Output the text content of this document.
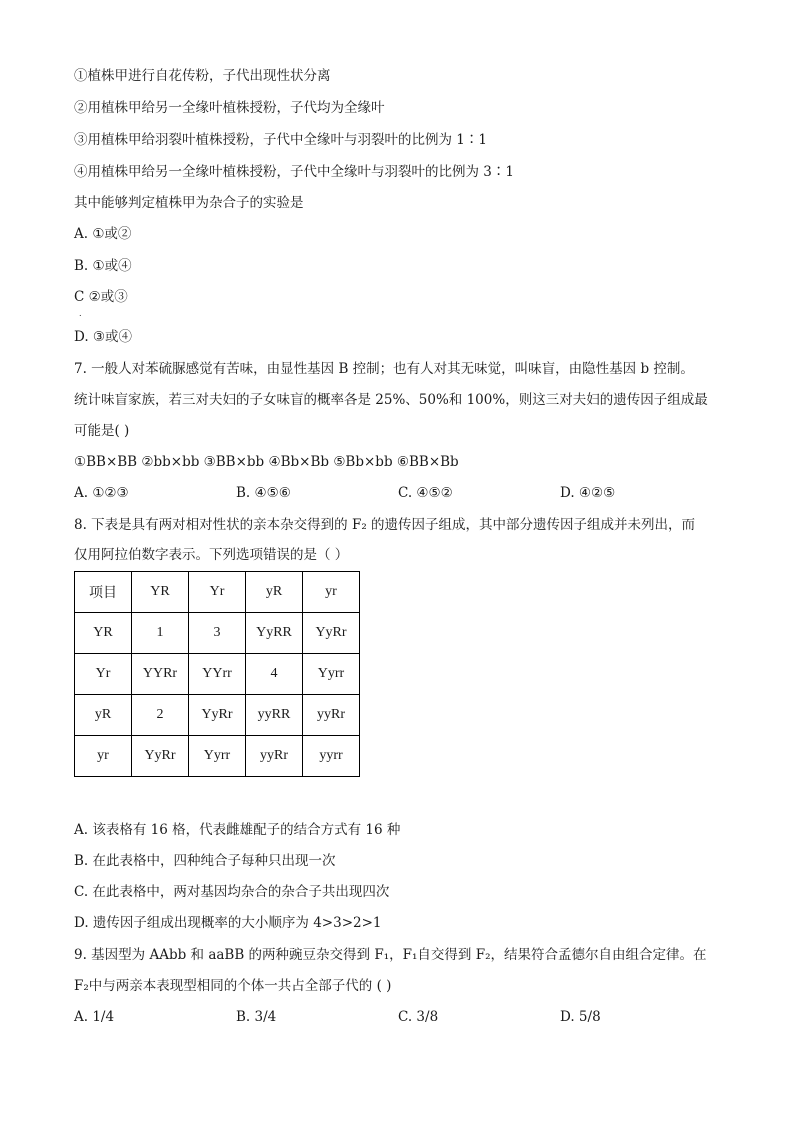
①植株甲进行自花传粉，子代出现性状分离
②用植株甲给另一全缘叶植株授粉，子代均为全缘叶
③用植株甲给羽裂叶植株授粉，子代中全缘叶与羽裂叶的比例为 1∶1
④用植株甲给另一全缘叶植株授粉，子代中全缘叶与羽裂叶的比例为 3∶1
其中能够判定植株甲为杂合子的实验是
A. ①或②
B. ①或④
C ②或③
.
D. ③或④
7. 一般人对苯硫脲感觉有苦味，由显性基因 B 控制；也有人对其无味觉，叫味盲，由隐性基因 b 控制。
统计味盲家族，若三对夫妇的子女味盲的概率各是 25%、50%和 100%，则这三对夫妇的遗传因子组成最
可能是( )
①BB×BB ②bb×bb ③BB×bb ④Bb×Bb ⑤Bb×bb ⑥BB×Bb
A. ①②③	B. ④⑤⑥	C. ④⑤②	D. ④②⑤
8. 下表是具有两对相对性状的亲本杂交得到的 F₂ 的遗传因子组成，其中部分遗传因子组成并未列出，而
仅用阿拉伯数字表示。下列选项错误的是（ ）
项目	YR	Yr	yR	yr
YR	1	3	YyRR	YyRr
Yr	YYRr	YYrr	4	Yyrr
yR	2	YyRr	yyRR	yyRr
yr	YyRr	Yyrr	yyRr	yyrr
A. 该表格有 16 格，代表雌雄配子的结合方式有 16 种
B. 在此表格中，四种纯合子每种只出现一次
C. 在此表格中，两对基因均杂合的杂合子共出现四次
D. 遗传因子组成出现概率的大小顺序为 4>3>2>1
9. 基因型为 AAbb 和 aaBB 的两种豌豆杂交得到 F₁，F₁自交得到 F₂，结果符合孟德尔自由组合定律。在
F₂中与两亲本表现型相同的个体一共占全部子代的 ( )
A. 1/4	B. 3/4	C. 3/8	D. 5/8
